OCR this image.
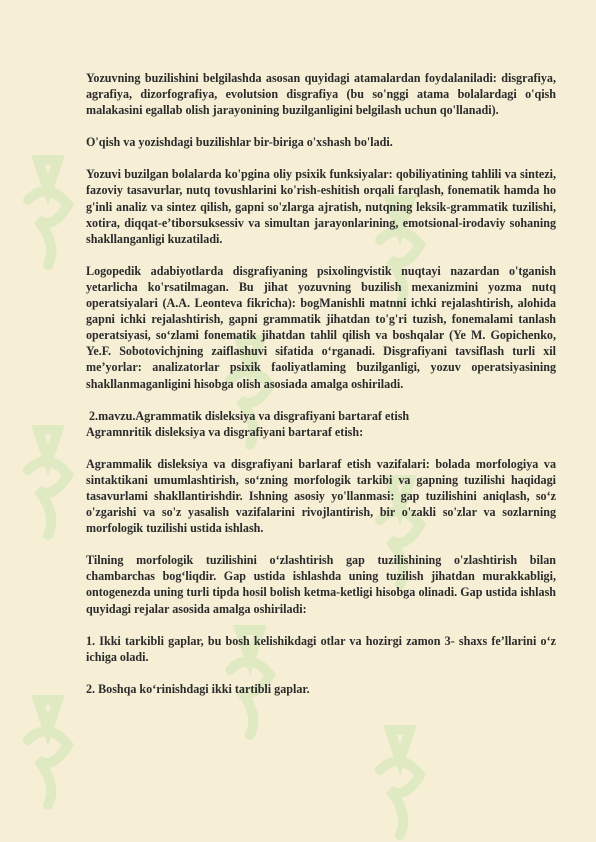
Yozuvning buzilishini belgilashda asosan quyidagi atamalardan foydalaniladi: disgrafiya, agrafiya, dizorfografiya, evolutsion disgrafiya (bu so'nggi atama bolalardagi o'qish malakasini egallab olish jarayonining buzilganligini belgilash uchun qo'llanadi).

O'qish va yozishdagi buzilishlar bir-biriga o'xshash bo'ladi.

Yozuvi buzilgan bolalarda ko'pgina oliy psixik funksiyalar: qobiliyatining tahlili va sintezi, fazoviy tasavurlar, nutq tovushlarini ko'rish-eshitish orqali farqlash, fonematik hamda ho g'inli analiz va sintez qilish, gapni so'zlarga ajratish, nutqning leksik-grammatik tuzilishi, xotira, diqqat-e’tiborsuksessiv va simultan jarayonlarining, emotsional-irodaviy sohaning shakllanganligi kuzatiladi.

Logopedik adabiyotlarda disgrafiyaning psixolingvistik nuqtayi nazardan o'tganish yetarlicha ko'rsatilmagan. Bu jihat yozuvning buzilish mexanizmini yozma nutq operatsiyalari (A.A. Leonteva fikricha): bogManishli matnni ichki rejalashtirish, alohida gapni ichki rejalashtirish, gapni grammatik jihatdan to'g'ri tuzish, fonemalami tanlash operatsiyasi, so‘zlami fonematik jihatdan tahlil qilish va boshqalar (Ye M. Gopichenko, Ye.F. Sobotovichjning zaiflashuvi sifatida o‘rganadi. Disgrafiyani tavsiflash turli xil me’yorlar: analizatorlar psixik faoliyatlaming buzilganligi, yozuv operatsiyasining shakllanmaganligini hisobga olish asosiada amalga oshiriladi.

2.mavzu.Agrammatik disleksiya va disgrafiyani bartaraf etish

Agramnritik disleksiya va disgrafiyani bartaraf etish:

Agrammalik disleksiya va disgrafiyani barlaraf etish vazifalari: bolada morfologiya va sintaktikani umumlashtirish, so‘zning morfologik tarkibi va gapning tuzilishi haqidagi tasavurlami shakllantirishdir. Ishning asosiy yo'llanmasi: gap tuzilishini aniqlash, so‘z o'zgarishi va so'z yasalish vazifalarini rivojlantirish, bir o'zakli so'zlar va sozlarning morfologik tuzilishi ustida ishlash.

Tilning morfologik tuzilishini o‘zlashtirish gap tuzilishining o'zlashtirish bilan chambarchas bog‘liqdir. Gap ustida ishlashda uning tuzilish jihatdan murakkabligi, ontogenezda uning turli tipda hosil bolish ketma-ketligi hisobga olinadi. Gap ustida ishlash quyidagi rejalar asosida amalga oshiriladi:

1. Ikki tarkibli gaplar, bu bosh kelishikdagi otlar va hozirgi zamon 3- shaxs fe’llarini o‘z ichiga oladi.

2. Boshqa ko‘rinishdagi ikki tartibli gaplar.
